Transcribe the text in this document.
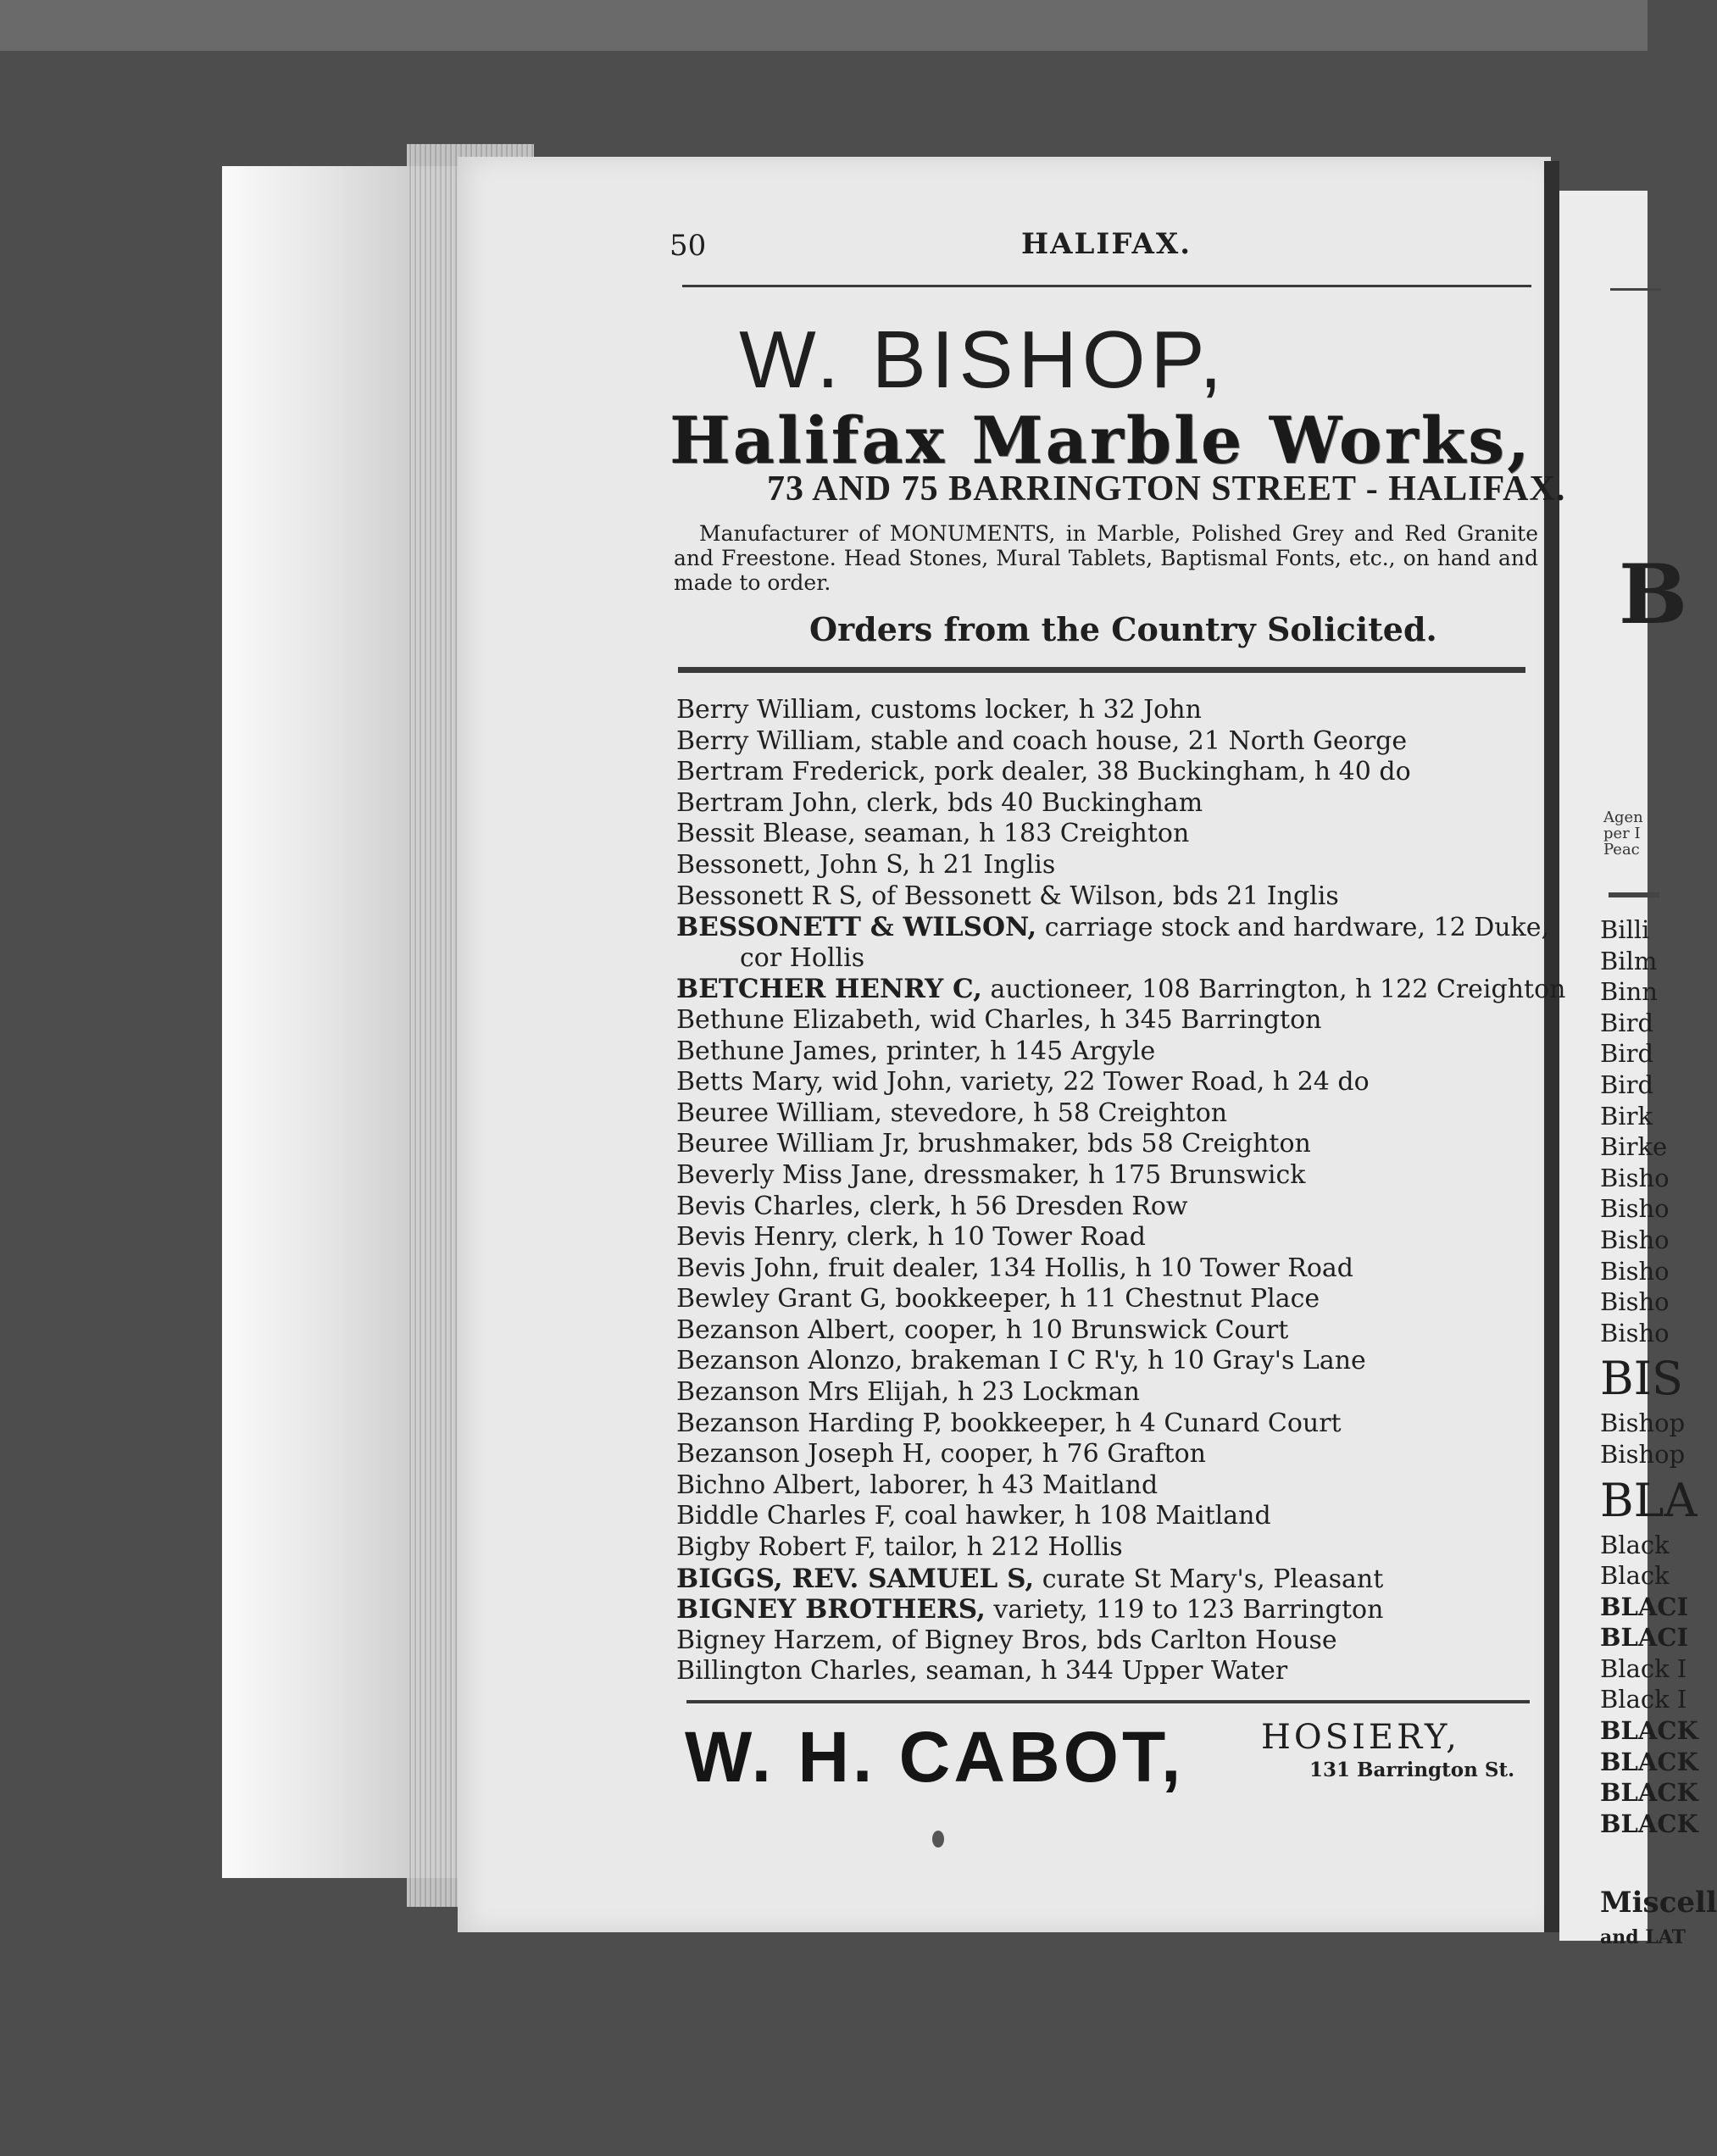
B
Agen
per I
Peac
Billi
Bilm
Binn
Bird
Bird
Bird
Birk
Birke
Bisho
Bisho
Bisho
Bisho
Bisho
Bisho
BIS
Bishop
Bishop
BLA
Black
Black
BLACI
BLACI
Black I
Black I
BLACK
BLACK
BLACK
BLACK
Miscell
and LAT
50	HALIFAX.
W. BISHOP,
Halifax Marble Works,
73 AND 75 BARRINGTON STREET - HALIFAX.
Manufacturer of MONUMENTS, in Marble, Polished Grey and Red Granite and Freestone. Head Stones, Mural Tablets, Baptismal Fonts, etc., on hand and made to order.
Orders from the Country Solicited.
Berry William, customs locker, h 32 John
Berry William, stable and coach house, 21 North George
Bertram Frederick, pork dealer, 38 Buckingham, h 40 do
Bertram John, clerk, bds 40 Buckingham
Bessit Blease, seaman, h 183 Creighton
Bessonett, John S, h 21 Inglis
Bessonett R S, of Bessonett & Wilson, bds 21 Inglis
BESSONETT & WILSON, carriage stock and hardware, 12 Duke,
cor Hollis
BETCHER HENRY C, auctioneer, 108 Barrington, h 122 Creighton
Bethune Elizabeth, wid Charles, h 345 Barrington
Bethune James, printer, h 145 Argyle
Betts Mary, wid John, variety, 22 Tower Road, h 24 do
Beuree William, stevedore, h 58 Creighton
Beuree William Jr, brushmaker, bds 58 Creighton
Beverly Miss Jane, dressmaker, h 175 Brunswick
Bevis Charles, clerk, h 56 Dresden Row
Bevis Henry, clerk, h 10 Tower Road
Bevis John, fruit dealer, 134 Hollis, h 10 Tower Road
Bewley Grant G, bookkeeper, h 11 Chestnut Place
Bezanson Albert, cooper, h 10 Brunswick Court
Bezanson Alonzo, brakeman I C R'y, h 10 Gray's Lane
Bezanson Mrs Elijah, h 23 Lockman
Bezanson Harding P, bookkeeper, h 4 Cunard Court
Bezanson Joseph H, cooper, h 76 Grafton
Bichno Albert, laborer, h 43 Maitland
Biddle Charles F, coal hawker, h 108 Maitland
Bigby Robert F, tailor, h 212 Hollis
BIGGS, REV. SAMUEL S, curate St Mary's, Pleasant
BIGNEY BROTHERS, variety, 119 to 123 Barrington
Bigney Harzem, of Bigney Bros, bds Carlton House
Billington Charles, seaman, h 344 Upper Water
W. H. CABOT, HOSIERY,
131 Barrington St.
